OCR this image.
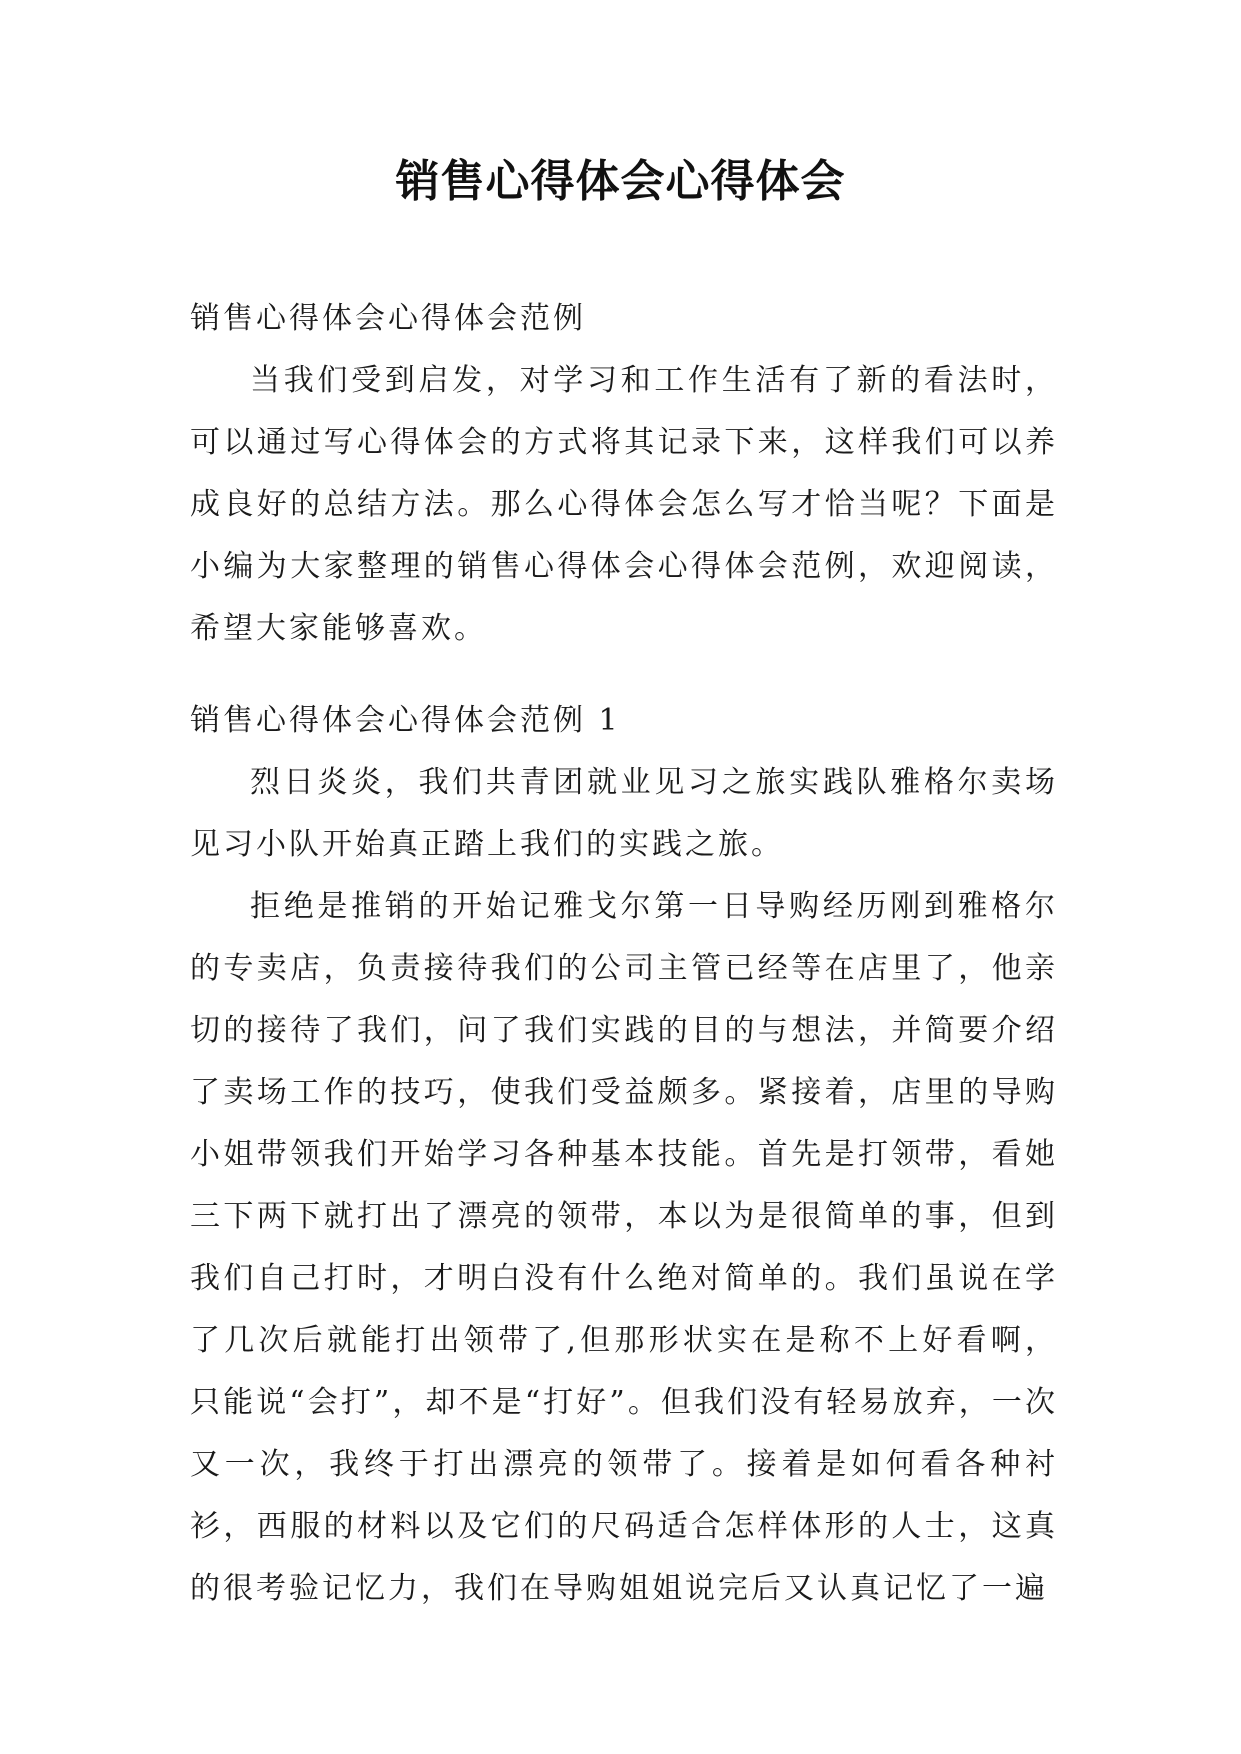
销售心得体会心得体会

销售心得体会心得体会范例

当我们受到启发，对学习和工作生活有了新的看法时，可以通过写心得体会的方式将其记录下来，这样我们可以养成良好的总结方法。那么心得体会怎么写才恰当呢？下面是小编为大家整理的销售心得体会心得体会范例，欢迎阅读，希望大家能够喜欢。

销售心得体会心得体会范例 1

烈日炎炎，我们共青团就业见习之旅实践队雅格尔卖场见习小队开始真正踏上我们的实践之旅。

拒绝是推销的开始记雅戈尔第一日导购经历刚到雅格尔的专卖店，负责接待我们的公司主管已经等在店里了，他亲切的接待了我们，问了我们实践的目的与想法，并简要介绍了卖场工作的技巧，使我们受益颇多。紧接着，店里的导购小姐带领我们开始学习各种基本技能。首先是打领带，看她三下两下就打出了漂亮的领带，本以为是很简单的事，但到我们自己打时，才明白没有什么绝对简单的。我们虽说在学了几次后就能打出领带了,但那形状实在是称不上好看啊，只能说“会打”，却不是“打好”。但我们没有轻易放弃，一次又一次，我终于打出漂亮的领带了。接着是如何看各种衬衫，西服的材料以及它们的尺码适合怎样体形的人士，这真的很考验记忆力，我们在导购姐姐说完后又认真记忆了一遍
